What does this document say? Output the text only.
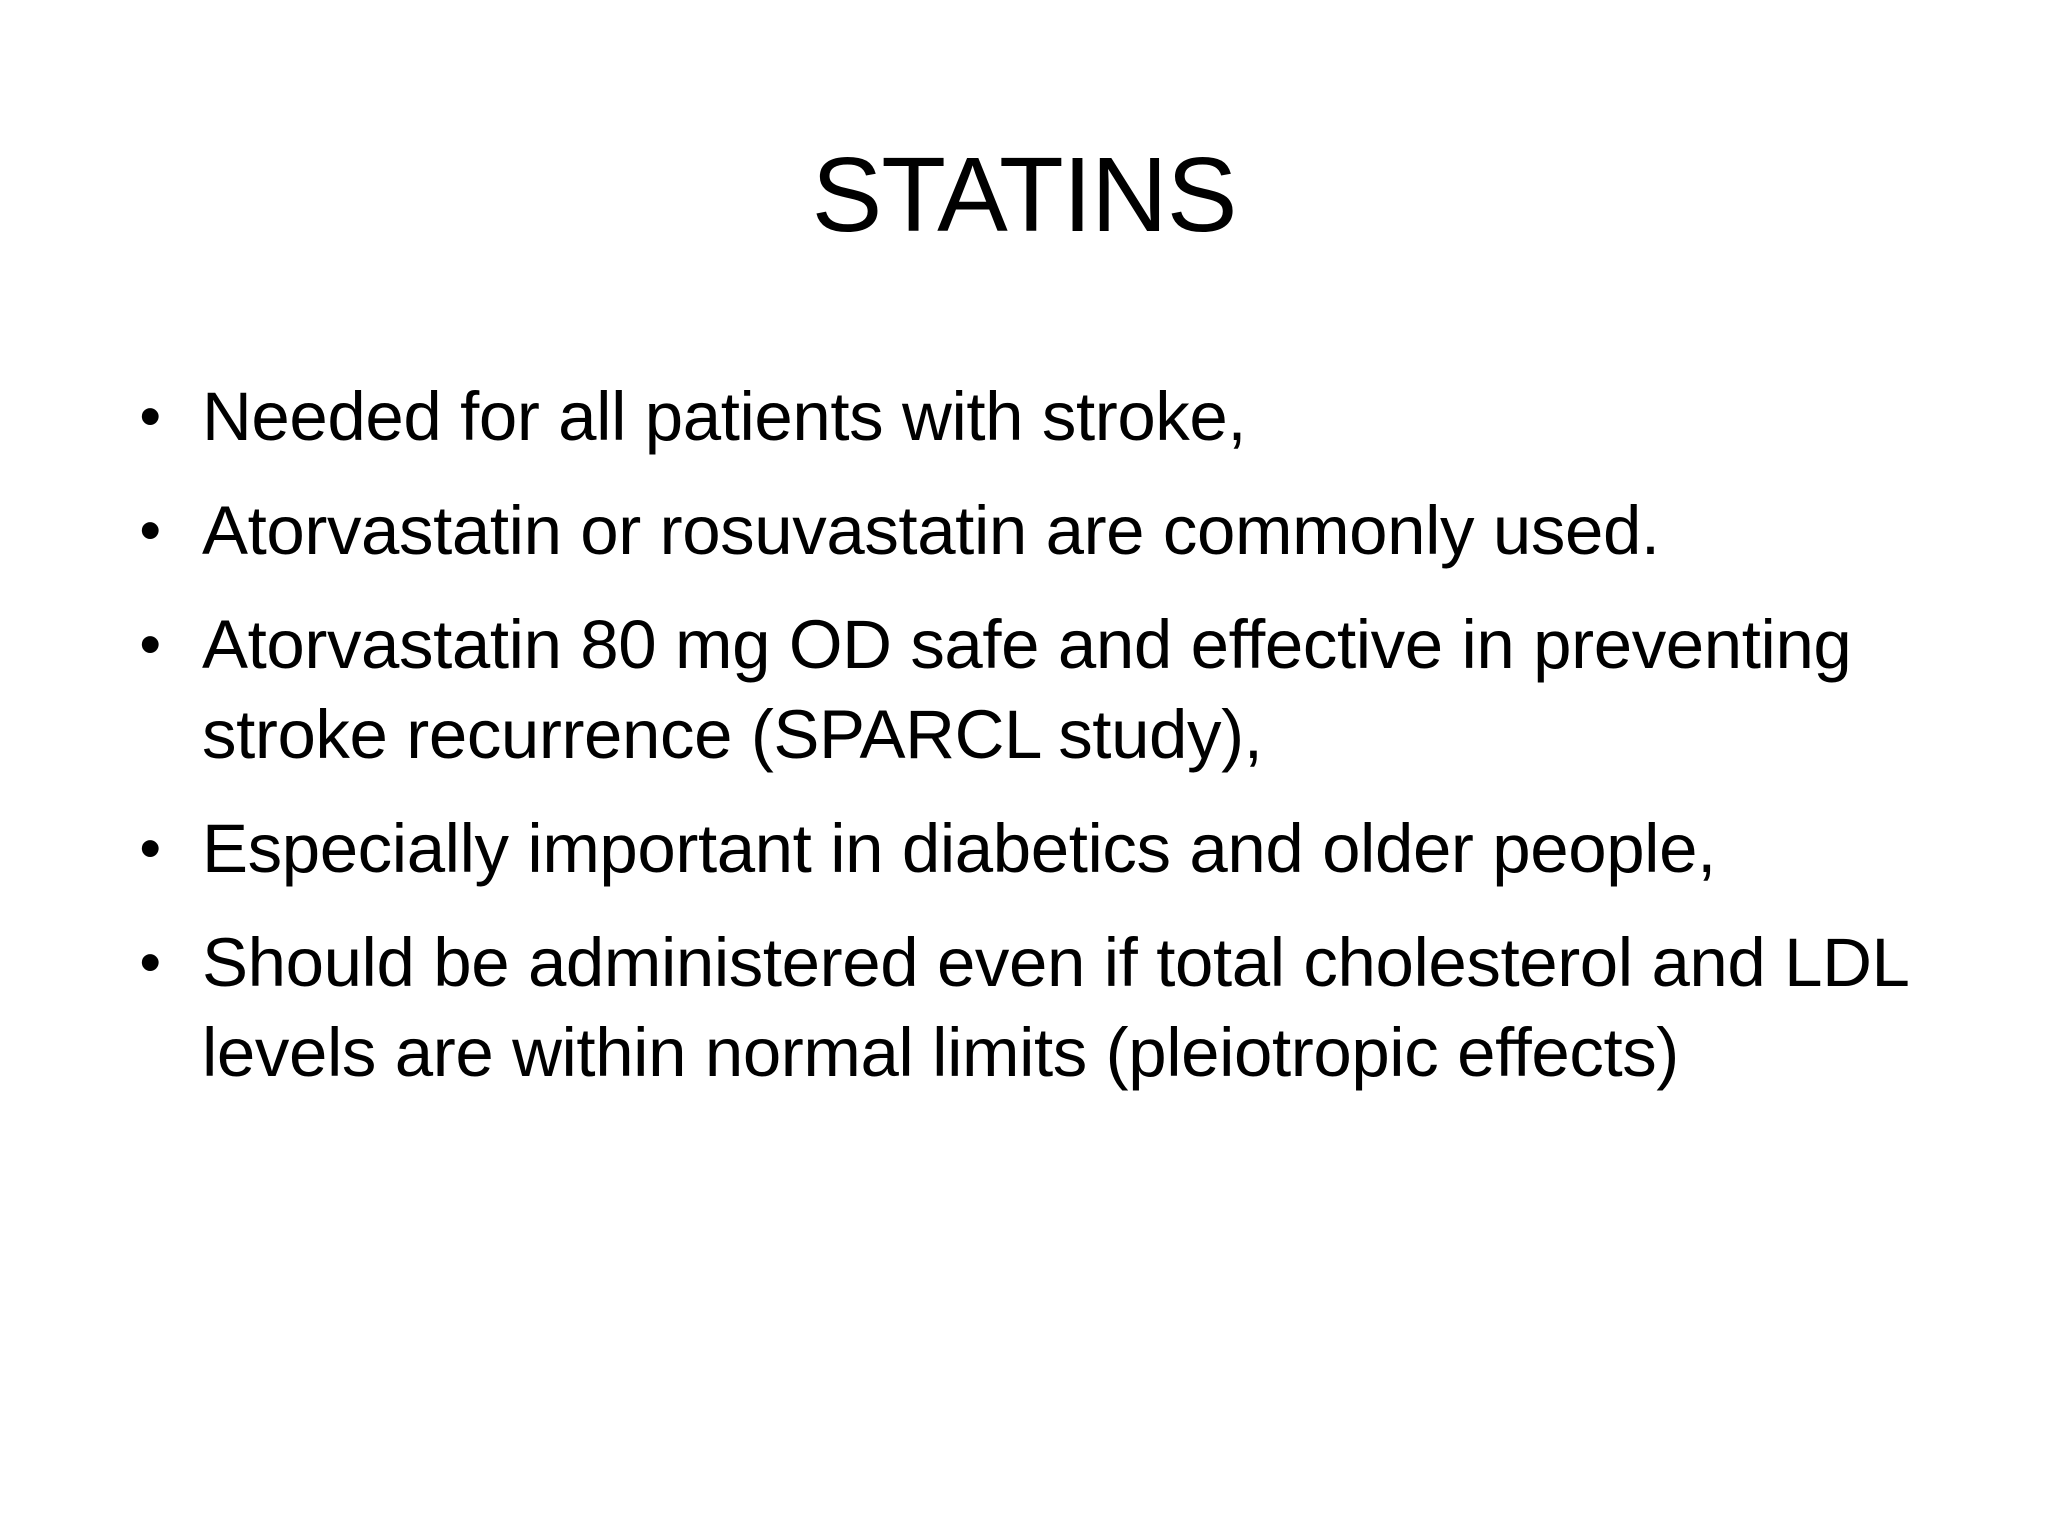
STATINS
• Needed for all patients with stroke,
• Atorvastatin or rosuvastatin are commonly used.
• Atorvastatin 80 mg OD safe and effective in preventing stroke recurrence (SPARCL study),
• Especially important in diabetics and older people,
• Should be administered even if total cholesterol and LDL levels are within normal limits (pleiotropic effects)
